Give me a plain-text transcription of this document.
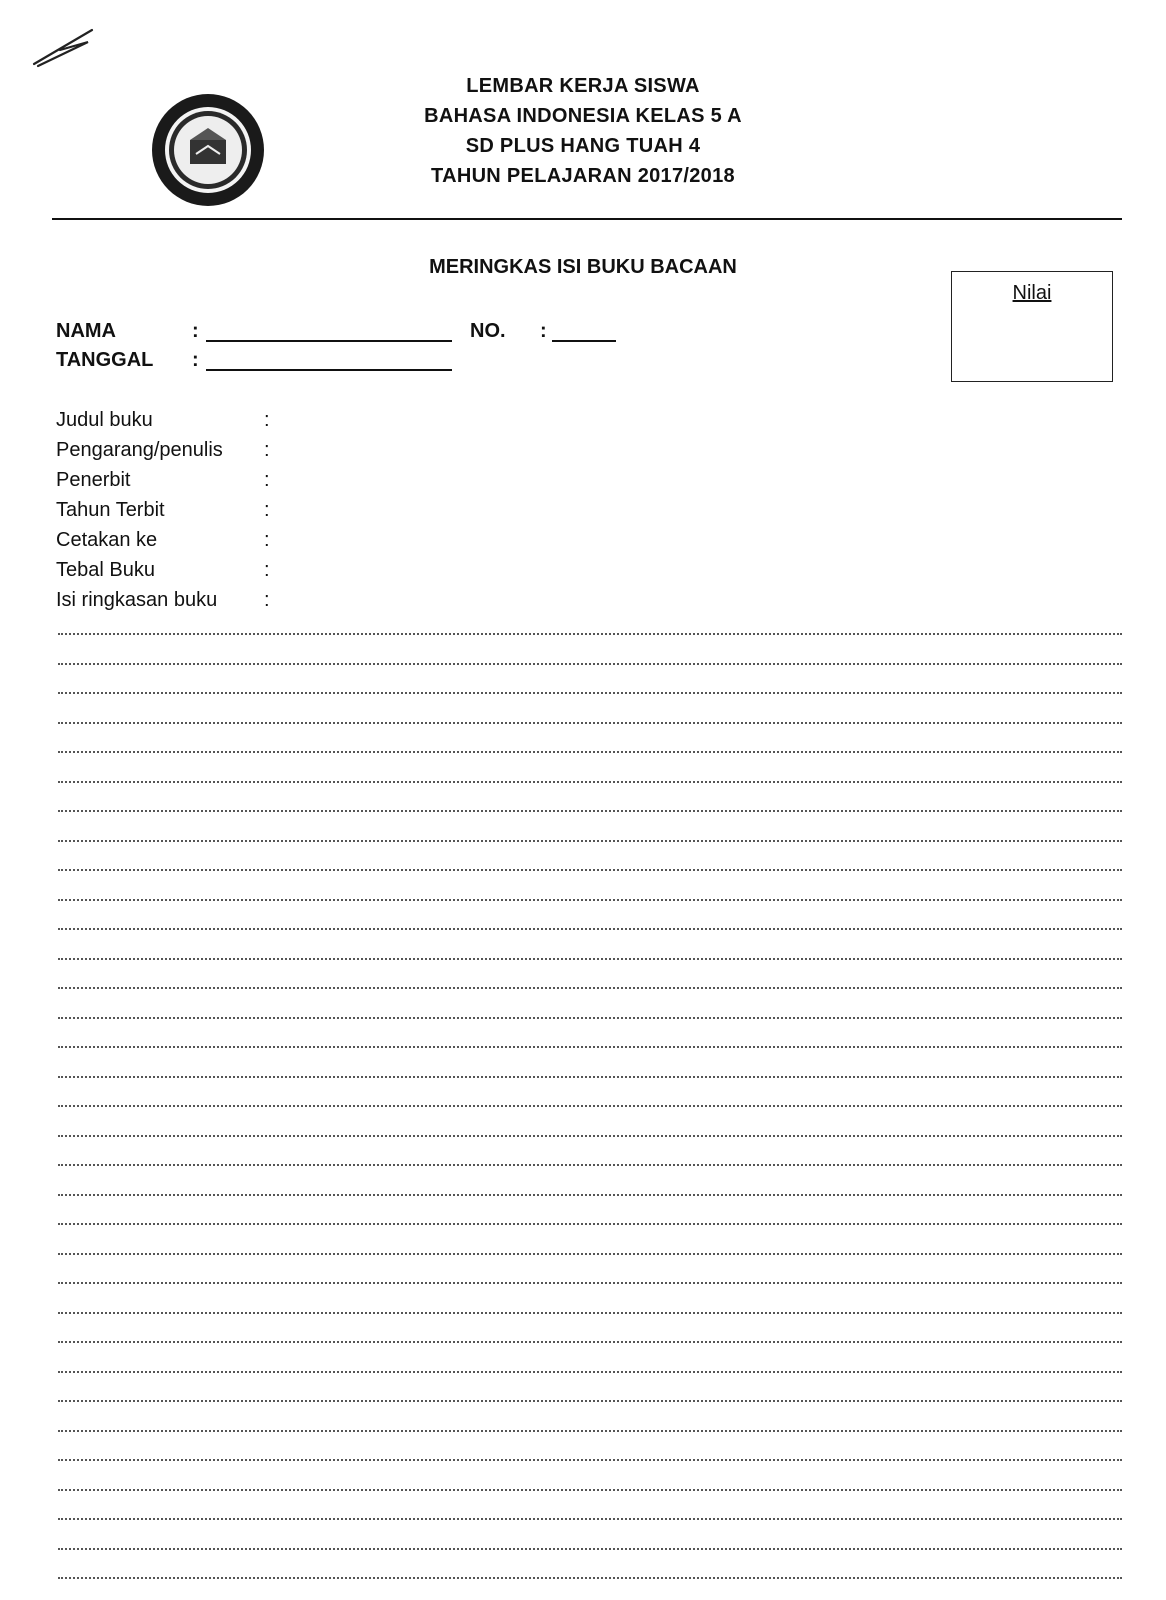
LEMBAR KERJA SISWA
BAHASA INDONESIA KELAS 5 A
SD PLUS HANG TUAH 4
TAHUN PELAJARAN 2017/2018
MERINGKAS ISI BUKU BACAAN
NAMA	:	NO. :
TANGGAL :
Nilai
Judul buku	:
Pengarang/penulis :
Penerbit	:
Tahun Terbit	:
Cetakan ke	:
Tebal Buku	:
Isi ringkasan buku :
